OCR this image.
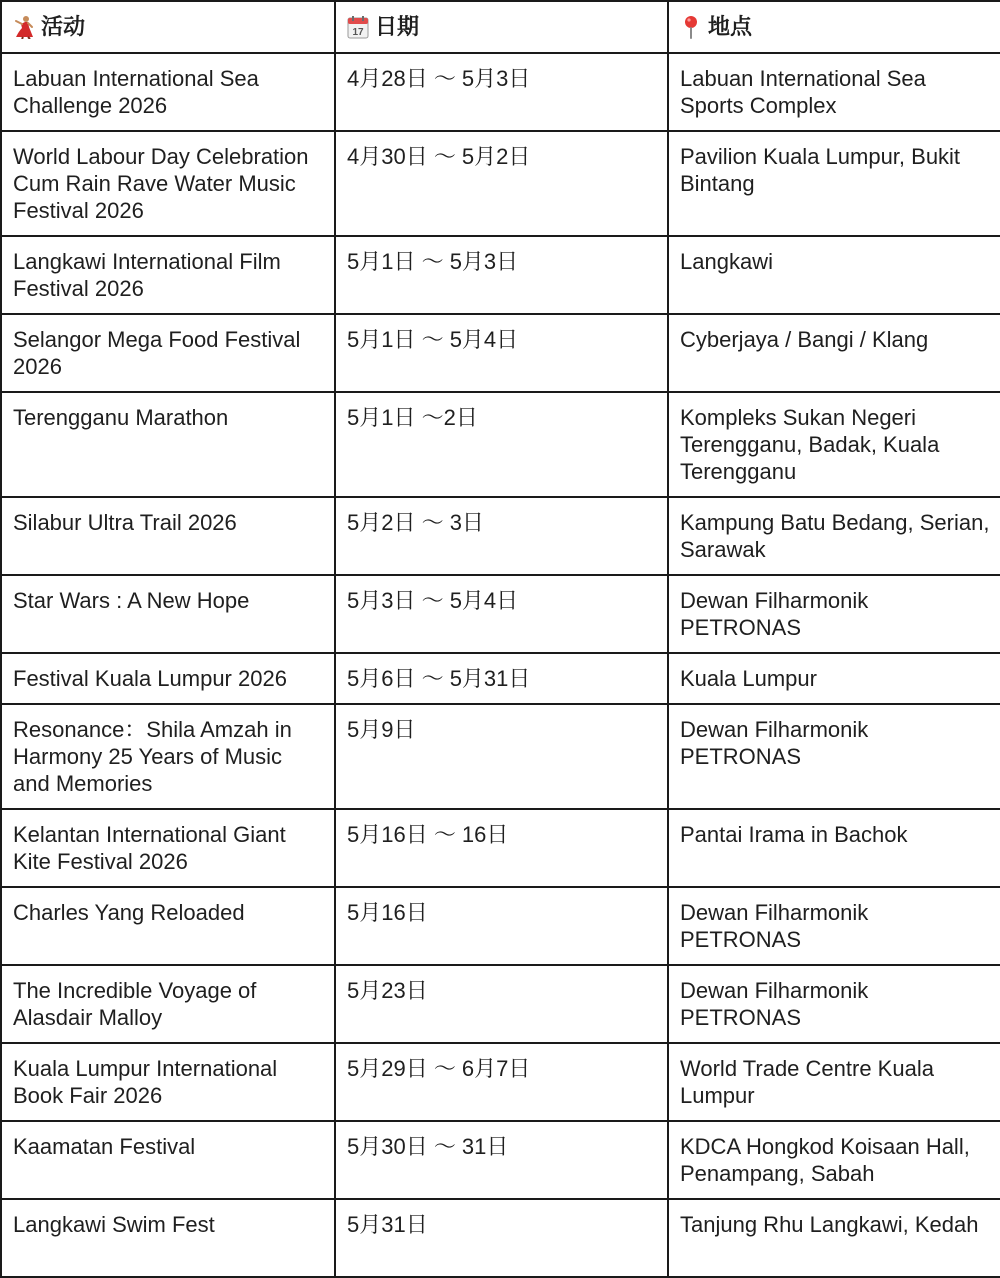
活动	17 日期	地点
Labuan International Sea Challenge 2026	4月28日 ～ 5月3日	Labuan International Sea Sports Complex
World Labour Day Celebration Cum Rain Rave Water Music Festival 2026	4月30日 ～ 5月2日	Pavilion Kuala Lumpur, Bukit Bintang
Langkawi International Film Festival 2026	5月1日 ～ 5月3日	Langkawi
Selangor Mega Food Festival 2026	5月1日 ～ 5月4日	Cyberjaya / Bangi / Klang
Terengganu Marathon	5月1日 ～2日	Kompleks Sukan Negeri Terengganu, Badak, Kuala Terengganu
Silabur Ultra Trail 2026	5月2日 ～ 3日	Kampung Batu Bedang, Serian, Sarawak
Star Wars : A New Hope	5月3日 ～ 5月4日	Dewan Filharmonik PETRONAS
Festival Kuala Lumpur 2026	5月6日 ～ 5月31日	Kuala Lumpur
Resonance：Shila Amzah in Harmony 25 Years of Music and Memories	5月9日	Dewan Filharmonik PETRONAS
Kelantan International Giant Kite Festival 2026	5月16日 ～ 16日	Pantai Irama in Bachok
Charles Yang Reloaded	5月16日	Dewan Filharmonik PETRONAS
The Incredible Voyage of Alasdair Malloy	5月23日	Dewan Filharmonik PETRONAS
Kuala Lumpur International Book Fair 2026	5月29日 ～ 6月7日	World Trade Centre Kuala Lumpur
Kaamatan Festival	5月30日 ～ 31日	KDCA Hongkod Koisaan Hall, Penampang, Sabah
Langkawi Swim Fest	5月31日	Tanjung Rhu Langkawi, Kedah
